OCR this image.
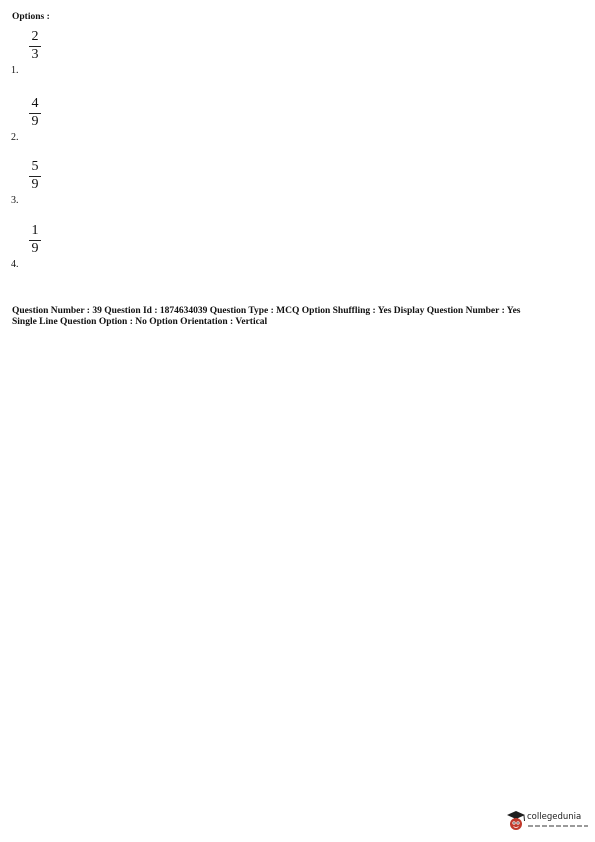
Options :
2
3
1.
4
9
2.
5
9
3.
1
9
4.
Question Number : 39 Question Id : 1874634039 Question Type : MCQ Option Shuffling : Yes Display Question Number : Yes
Single Line Question Option : No Option Orientation : Vertical
collegedunia
